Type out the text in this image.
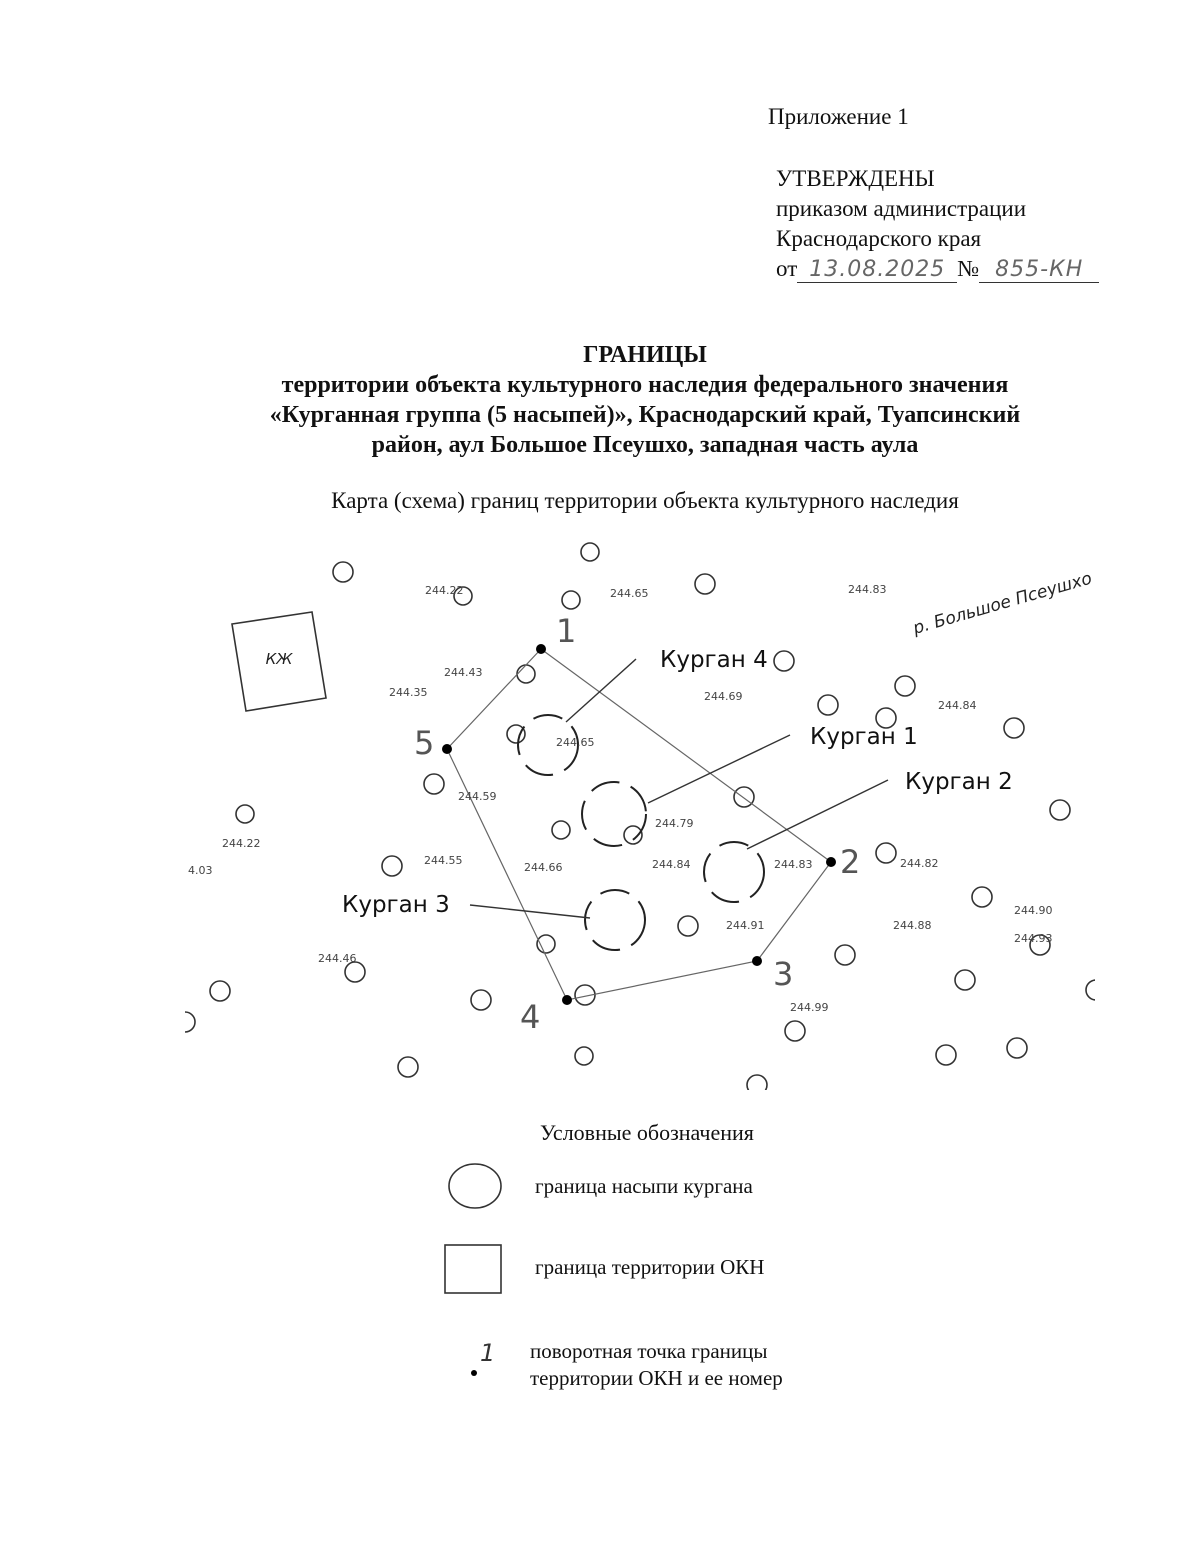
Приложение 1
УТВЕРЖДЕНЫ
приказом администрации
Краснодарского края
от 13.08.2025 № 855-КН
ГРАНИЦЫ
территории объекта культурного наследия федерального значения
«Курганная группа (5 насыпей)», Краснодарский край, Туапсинский
район, аул Большое Псеушхо, западная часть аула
Карта (схема) границ территории объекта культурного наследия
КЖ
р. Большое Псеушхо
Курган 4
Курган 1
Курган 2
Курган 3
1
2
3
4
5
244.22	244.65	244.83
244.43
244.35	244.69
244.84
244.65
244.59
244.79
244.22
244.55
244.66	244.84	244.83	244.82
4.03
244.91	244.88
244.90
244.93
244.46
244.99
Условные обозначения
граница насыпи кургана
граница территории ОКН
1 поворотная точка границы
территории ОКН и ее номер
